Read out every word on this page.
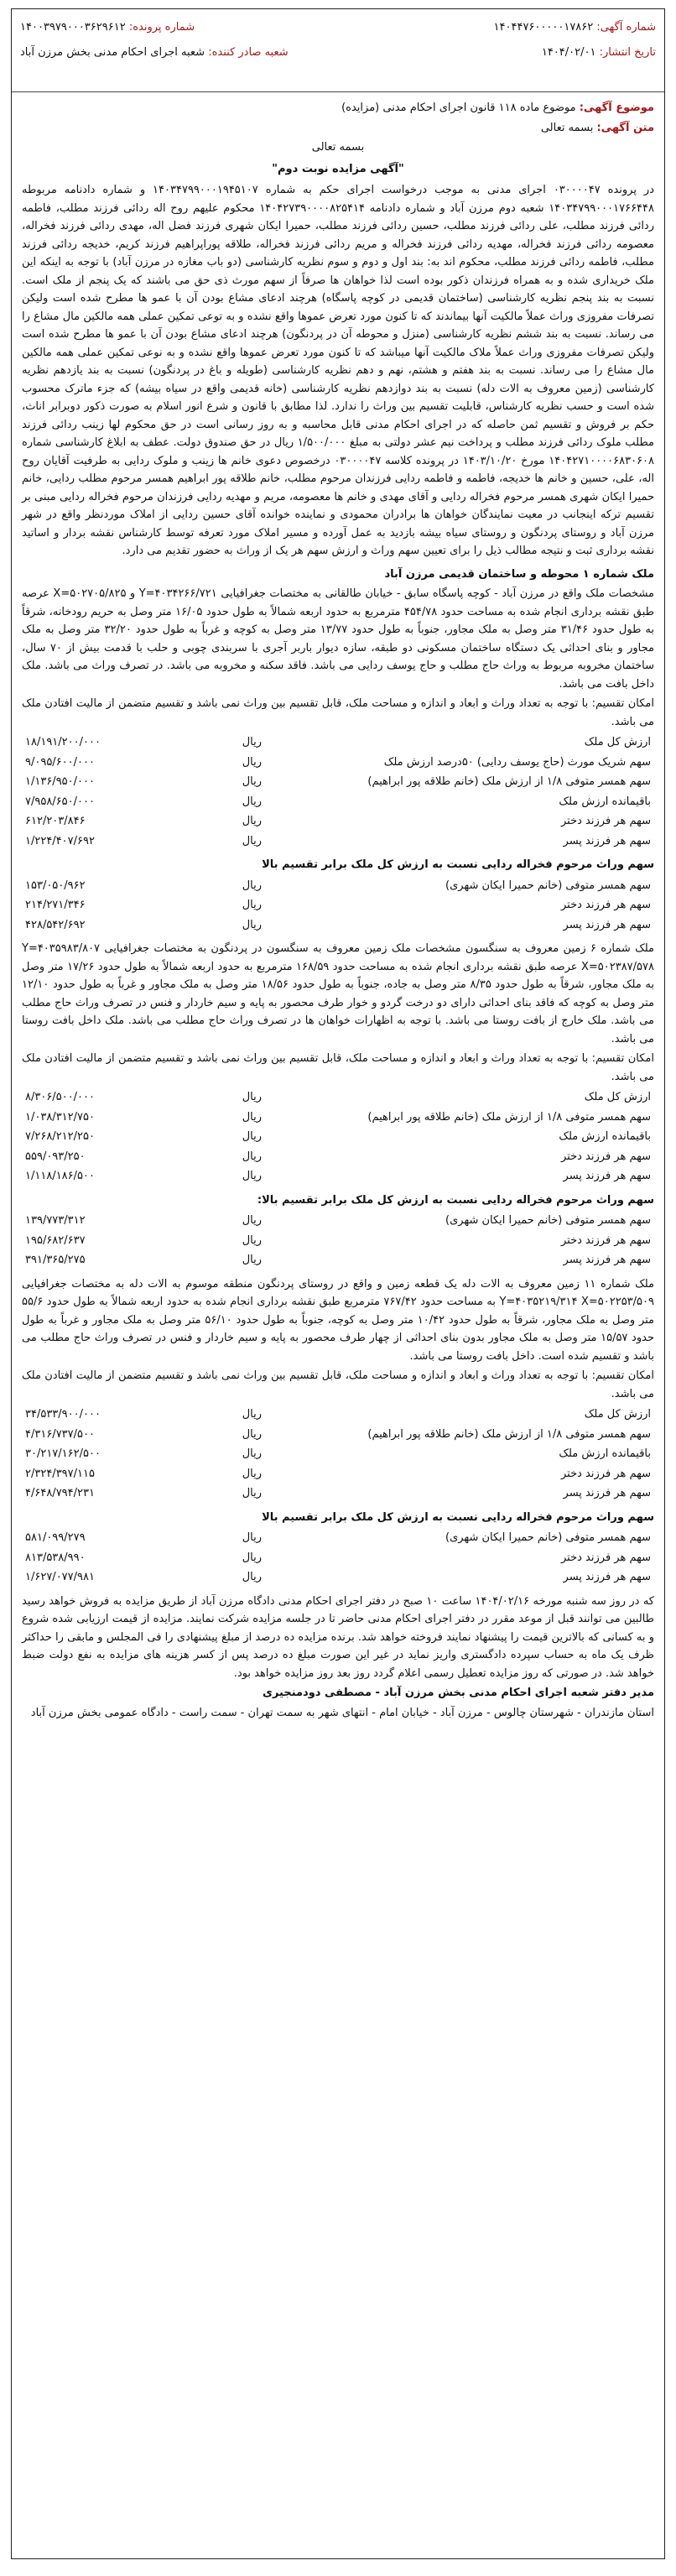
شماره آگهی: ۱۴۰۴۴۷۶۰۰۰۰۰۱۷۸۶۲
شماره پرونده: ۱۴۰۰۳۹۷۹۰۰۰۳۶۲۹۶۱۲
تاریخ انتشار: ۱۴۰۴/۰۲/۰۱
شعبه صادر کننده: شعبه اجرای احکام مدنی بخش مرزن آباد
موضوع آگهی: موضوع ماده ۱۱۸ قانون اجرای احکام مدنی (مزایده)
متن آگهی: بسمه تعالی
بسمه تعالی
"آگهی مزایده نوبت دوم"
در پرونده ۰۳۰۰۰۰۴۷ اجرای مدنی به موجب درخواست اجرای حکم به شماره ۱۴۰۳۴۷۹۹۰۰۰۱۹۴۵۱۰۷ و شماره دادنامه مربوطه ۱۴۰۳۴۷۹۹۰۰۰۱۷۶۶۴۴۸ شعبه دوم مرزن آباد و شماره دادنامه ۱۴۰۴۲۷۳۹۰۰۰۰۸۲۵۴۱۴ محکوم علیهم روح اله ردائی فرزند مطلب، فاطمه ردائی فرزند مطلب، علی ردائی فرزند مطلب، حسین ردائی فرزند مطلب، حمیرا ایکان شهری فرزند فضل اله، مهدی ردائی فرزند فخراله، معصومه ردائی فرزند فخراله، مهدیه ردائی فرزند فخراله و مریم ردائی فرزند فخراله، طلاقه پوراپراهیم فرزند کریم، خدیجه ردائی فرزند مطلب، فاطمه ردائی فرزند مطلب، محکوم اند به: بند اول و دوم و سوم نظریه کارشناسی (دو باب مغازه در مرزن آباد) با توجه به اینکه این ملک خریداری شده و به همراه فرزندان ذکور بوده است لذا خواهان ها صرفاً از سهم مورث ذی حق می باشند که یک پنجم از ملک است. نسبت به بند پنجم نظریه کارشناسی (ساختمان قدیمی در کوچه پاسگاه) هرچند ادعای مشاع بودن آن با عمو ها مطرح شده است ولیکن تصرفات مفروزی وراث عملاً مالکیت آنها بیماندند که تا کنون مورد تعرض عموها واقع نشده و به توعی تمکین عملی همه مالکین مال مشاع را می رساند. نسبت به بند ششم نظریه کارشناسی (منزل و محوطه آن در پردنگون) هرچند ادعای مشاع بودن آن با عمو ها مطرح شده است ولیکن تصرفات مفروزی وراث عملاً ملاک مالکیت آنها میباشد که تا کنون مورد تعرض عموها واقع نشده و به نوعی تمکین عملی همه مالکین مال مشاع را می رساند. نسبت به بند هفتم و هشتم، نهم و دهم نظریه کارشناسی (طویله و باغ در پردنگون) نسبت به بند یازدهم نظریه کارشناسی (زمین معروف به الات دله) نسبت به بند دوازدهم نظریه کارشناسی (خانه قدیمی واقع در سیاه بیشه) که جزء ماترک محسوب شده است و حسب نظریه کارشناس، قابلیت تقسیم بین وراث را ندارد. لذا مطابق با قانون و شرع انور اسلام به صورت ذکور دوبرابر اناث، حکم بر فروش و تقسیم ثمن حاصله که در اجرای احکام مدنی قابل محاسبه و به روز رسانی است در حق محکوم لها زینب ردائی فرزند مطلب ملوک ردائی فرزند مطلب و پرداخت نیم عشر دولتی به مبلغ ۱/۵۰۰/۰۰۰ ریال در حق صندوق دولت. عطف به ابلاغ کارشناسی شماره ۱۴۰۴۲۷۱۰۰۰۰۶۸۳۰۶۰۸ مورخ ۱۴۰۳/۱۰/۲۰ در پرونده کلاسه ۰۳۰۰۰۰۴۷ درخصوص دعوی خانم ها زینب و ملوک ردایی به طرفیت آقایان روح اله، علی، حسین و خانم ها خدیجه، فاطمه و فاطمه ردایی فرزندان مرحوم مطلب، خانم طلاقه پور ابراهیم همسر مرحوم مطلب ردایی، خانم حمیرا ایکان شهری همسر مرحوم فخراله ردایی و آقای مهدی و خانم ها معصومه، مریم و مهدیه ردایی فرزندان مرحوم فخراله ردایی مبنی بر تقسیم ترکه اینجانب در معیت نمایندگان خواهان ها برادران محمودی و نماینده خوانده آقای حسین ردایی از املاک موردنظر واقع در شهر مرزن آباد و روستای پردنگون و روستای سیاه بیشه بازدید به عمل آورده و مسیر املاک مورد تعرفه توسط کارشناس نقشه بردار و اساتید نقشه برداری ثبت و نتیجه مطالب ذیل را برای تعیین سهم وراث و ارزش سهم هر یک از وراث به حضور تقدیم می دارد.
ملک شماره ۱ محوطه و ساختمان قدیمی مرزن آباد
مشخصات ملک واقع در مرزن آباد - کوچه پاسگاه سابق - خیابان طالقانی به مختصات جغرافیایی Y=۴۰۳۴۲۶۶/۷۲۱ و X=۵۰۲۷۰۵/۸۲۵ عرصه طبق نقشه برداری انجام شده به مساحت حدود ۴۵۴/۷۸ مترمربع به حدود اربعه شمالاً به طول حدود ۱۶/۰۵ متر وصل به حریم رودخانه، شرقاً به طول حدود ۳۱/۴۶ متر وصل به ملک مجاور، جنوباً به طول حدود ۱۳/۷۷ متر وصل به کوچه و غرباً به طول حدود ۳۲/۲۰ متر وصل به ملک مجاور و بنای احداثی یک دستگاه ساختمان مسکونی دو طبقه، سازه دیوار باربر آجری با سربندی چوبی و حلب با قدمت بیش از ۷۰ سال، ساختمان مخروبه مربوط به وراث حاج مطلب و حاج یوسف ردایی می باشد. فاقد سکنه و مخروبه می باشد. در تصرف وراث می باشد. ملک داخل بافت می باشد.
امکان تقسیم: با توجه به تعداد وراث و ابعاد و اندازه و مساحت ملک، قابل تقسیم بین وراث نمی باشد و تقسیم متضمن از مالیت افتادن ملک می باشد.
ارزش کل ملک	ریال	۱۸/۱۹۱/۲۰۰/۰۰۰
سهم شریک مورث (حاج یوسف ردایی) ۵۰درصد ارزش ملک	ریال	۹/۰۹۵/۶۰۰/۰۰۰
سهم همسر متوفی ۱/۸ از ارزش ملک (خانم طلاقه پور ابراهیم)	ریال	۱/۱۳۶/۹۵۰/۰۰۰
باقیمانده ارزش ملک	ریال	۷/۹۵۸/۶۵۰/۰۰۰
سهم هر فرزند دختر	ریال	۶۱۲/۲۰۳/۸۴۶
سهم هر فرزند پسر	ریال	۱/۲۲۴/۴۰۷/۶۹۲
سهم وراث مرحوم فخراله ردایی نسبت به ارزش کل ملک برابر تقسیم بالا
سهم همسر متوفی (خانم حمیرا ایکان شهری)	ریال	۱۵۳/۰۵۰/۹۶۲
سهم هر فرزند دختر	ریال	۲۱۴/۲۷۱/۳۴۶
سهم هر فرزند پسر	ریال	۴۲۸/۵۴۲/۶۹۲
ملک شماره ۶ زمین معروف به سنگسون مشخصات ملک زمین معروف به سنگسون در پردنگون به مختصات جغرافیایی Y=۴۰۳۵۹۸۳/۸۰۷ X=۵۰۲۳۸۷/۵۷۸ عرصه طبق نقشه برداری انجام شده به مساحت حدود ۱۶۸/۵۹ مترمربع به حدود اربعه شمالاً به طول حدود ۱۷/۲۶ متر وصل به ملک مجاور، شرقاً به طول حدود ۸/۳۵ متر وصل به جاده، جنوباً به طول حدود ۱۸/۵۶ متر وصل به ملک مجاور و غرباً به طول حدود ۱۲/۱۰ متر وصل به کوچه که فاقد بنای احداثی دارای دو درخت گردو و خوار طرف محصور به پایه و سیم خاردار و فنس در تصرف وراث حاج مطلب می باشد. ملک خارج از بافت روستا می باشد. با توجه به اظهارات خواهان ها در تصرف وراث حاج مطلب می باشد. ملک داخل بافت روستا می باشد.
امکان تقسیم: با توجه به تعداد وراث و ابعاد و اندازه و مساحت ملک، قابل تقسیم بین وراث نمی باشد و تقسیم متضمن از مالیت افتادن ملک می باشد.
ارزش کل ملک	ریال	۸/۳۰۶/۵۰۰/۰۰۰
سهم همسر متوفی ۱/۸ از ارزش ملک (خانم طلاقه پور ابراهیم)	ریال	۱/۰۳۸/۳۱۲/۷۵۰
باقیمانده ارزش ملک	ریال	۷/۲۶۸/۲۱۲/۲۵۰
سهم هر فرزند دختر	ریال	۵۵۹/۰۹۳/۲۵۰
سهم هر فرزند پسر	ریال	۱/۱۱۸/۱۸۶/۵۰۰
سهم وراث مرحوم فخراله ردایی نسبت به ارزش کل ملک برابر تقسیم بالا:
سهم همسر متوفی (خانم حمیرا ایکان شهری)	ریال	۱۳۹/۷۷۳/۳۱۲
سهم هر فرزند دختر	ریال	۱۹۵/۶۸۲/۶۳۷
سهم هر فرزند پسر	ریال	۳۹۱/۳۶۵/۲۷۵
ملک شماره ۱۱ زمین معروف به الات دله یک قطعه زمین و واقع در روستای پردنگون منطقه موسوم به الات دله به مختصات جغرافیایی Y=۴۰۳۵۲۱۹/۳۱۴ X=۵۰۲۲۵۳/۵۰۹ به مساحت حدود ۷۶۷/۴۲ مترمربع طبق نقشه برداری انجام شده به حدود اربعه شمالاً به طول حدود ۵۵/۶ متر وصل به ملک مجاور، شرقاً به طول حدود ۱۰/۴۲ متر وصل به کوچه، جنوباً به طول حدود ۵۶/۱۰ متر وصل به ملک مجاور و غرباً به طول حدود ۱۵/۵۷ متر وصل به ملک مجاور بدون بنای احداثی از چهار طرف محصور به پایه و سیم خاردار و فنس در تصرف وراث حاج مطلب می باشد و تقسیم شده است. داخل بافت روستا می باشد.
امکان تقسیم: با توجه به تعداد وراث و ابعاد و اندازه و مساحت ملک، قابل تقسیم بین وراث نمی باشد و تقسیم متضمن از مالیت افتادن ملک می باشد.
ارزش کل ملک	ریال	۳۴/۵۳۳/۹۰۰/۰۰۰
سهم همسر متوفی ۱/۸ از ارزش ملک (خانم طلاقه پور ابراهیم)	ریال	۴/۳۱۶/۷۳۷/۵۰۰
باقیمانده ارزش ملک	ریال	۳۰/۲۱۷/۱۶۲/۵۰۰
سهم هر فرزند دختر	ریال	۲/۳۲۴/۳۹۷/۱۱۵
سهم هر فرزند پسر	ریال	۴/۶۴۸/۷۹۴/۲۳۱
سهم وراث مرحوم فخراله ردایی نسبت به ارزش کل ملک برابر تقسیم بالا
سهم همسر متوفی (خانم حمیرا ایکان شهری)	ریال	۵۸۱/۰۹۹/۲۷۹
سهم هر فرزند دختر	ریال	۸۱۳/۵۳۸/۹۹۰
سهم هر فرزند پسر	ریال	۱/۶۲۷/۰۷۷/۹۸۱
که در روز سه شنبه مورخه ۱۴۰۴/۰۲/۱۶ ساعت ۱۰ صبح در دفتر اجرای احکام مدنی دادگاه مرزن آباد از طریق مزایده به فروش خواهد رسید طالبین می توانند قبل از موعد مقرر در دفتر اجرای احکام مدنی حاضر تا در جلسه مزایده شرکت نمایند. مزایده از قیمت ارزیابی شده شروع و به کسانی که بالاترین قیمت را پیشنهاد نمایند فروخته خواهد شد. برنده مزایده ده درصد از مبلغ پیشنهادی را فی المجلس و مابقی را حداکثر ظرف یک ماه به حساب سپرده دادگستری واریز نماید در غیر این صورت مبلغ ده درصد پس از کسر هزینه های مزایده به نفع دولت ضبط خواهد شد. در صورتی که روز مزایده تعطیل رسمی اعلام گردد روز بعد روز مزایده خواهد بود.
مدیر دفتر شعبه اجرای احکام مدنی بخش مرزن آباد - مصطفی دودمنجیری
استان مازندران - شهرستان چالوس - مرزن آباد - خیابان امام - انتهای شهر به سمت تهران - سمت راست - دادگاه عمومی بخش مرزن آباد
